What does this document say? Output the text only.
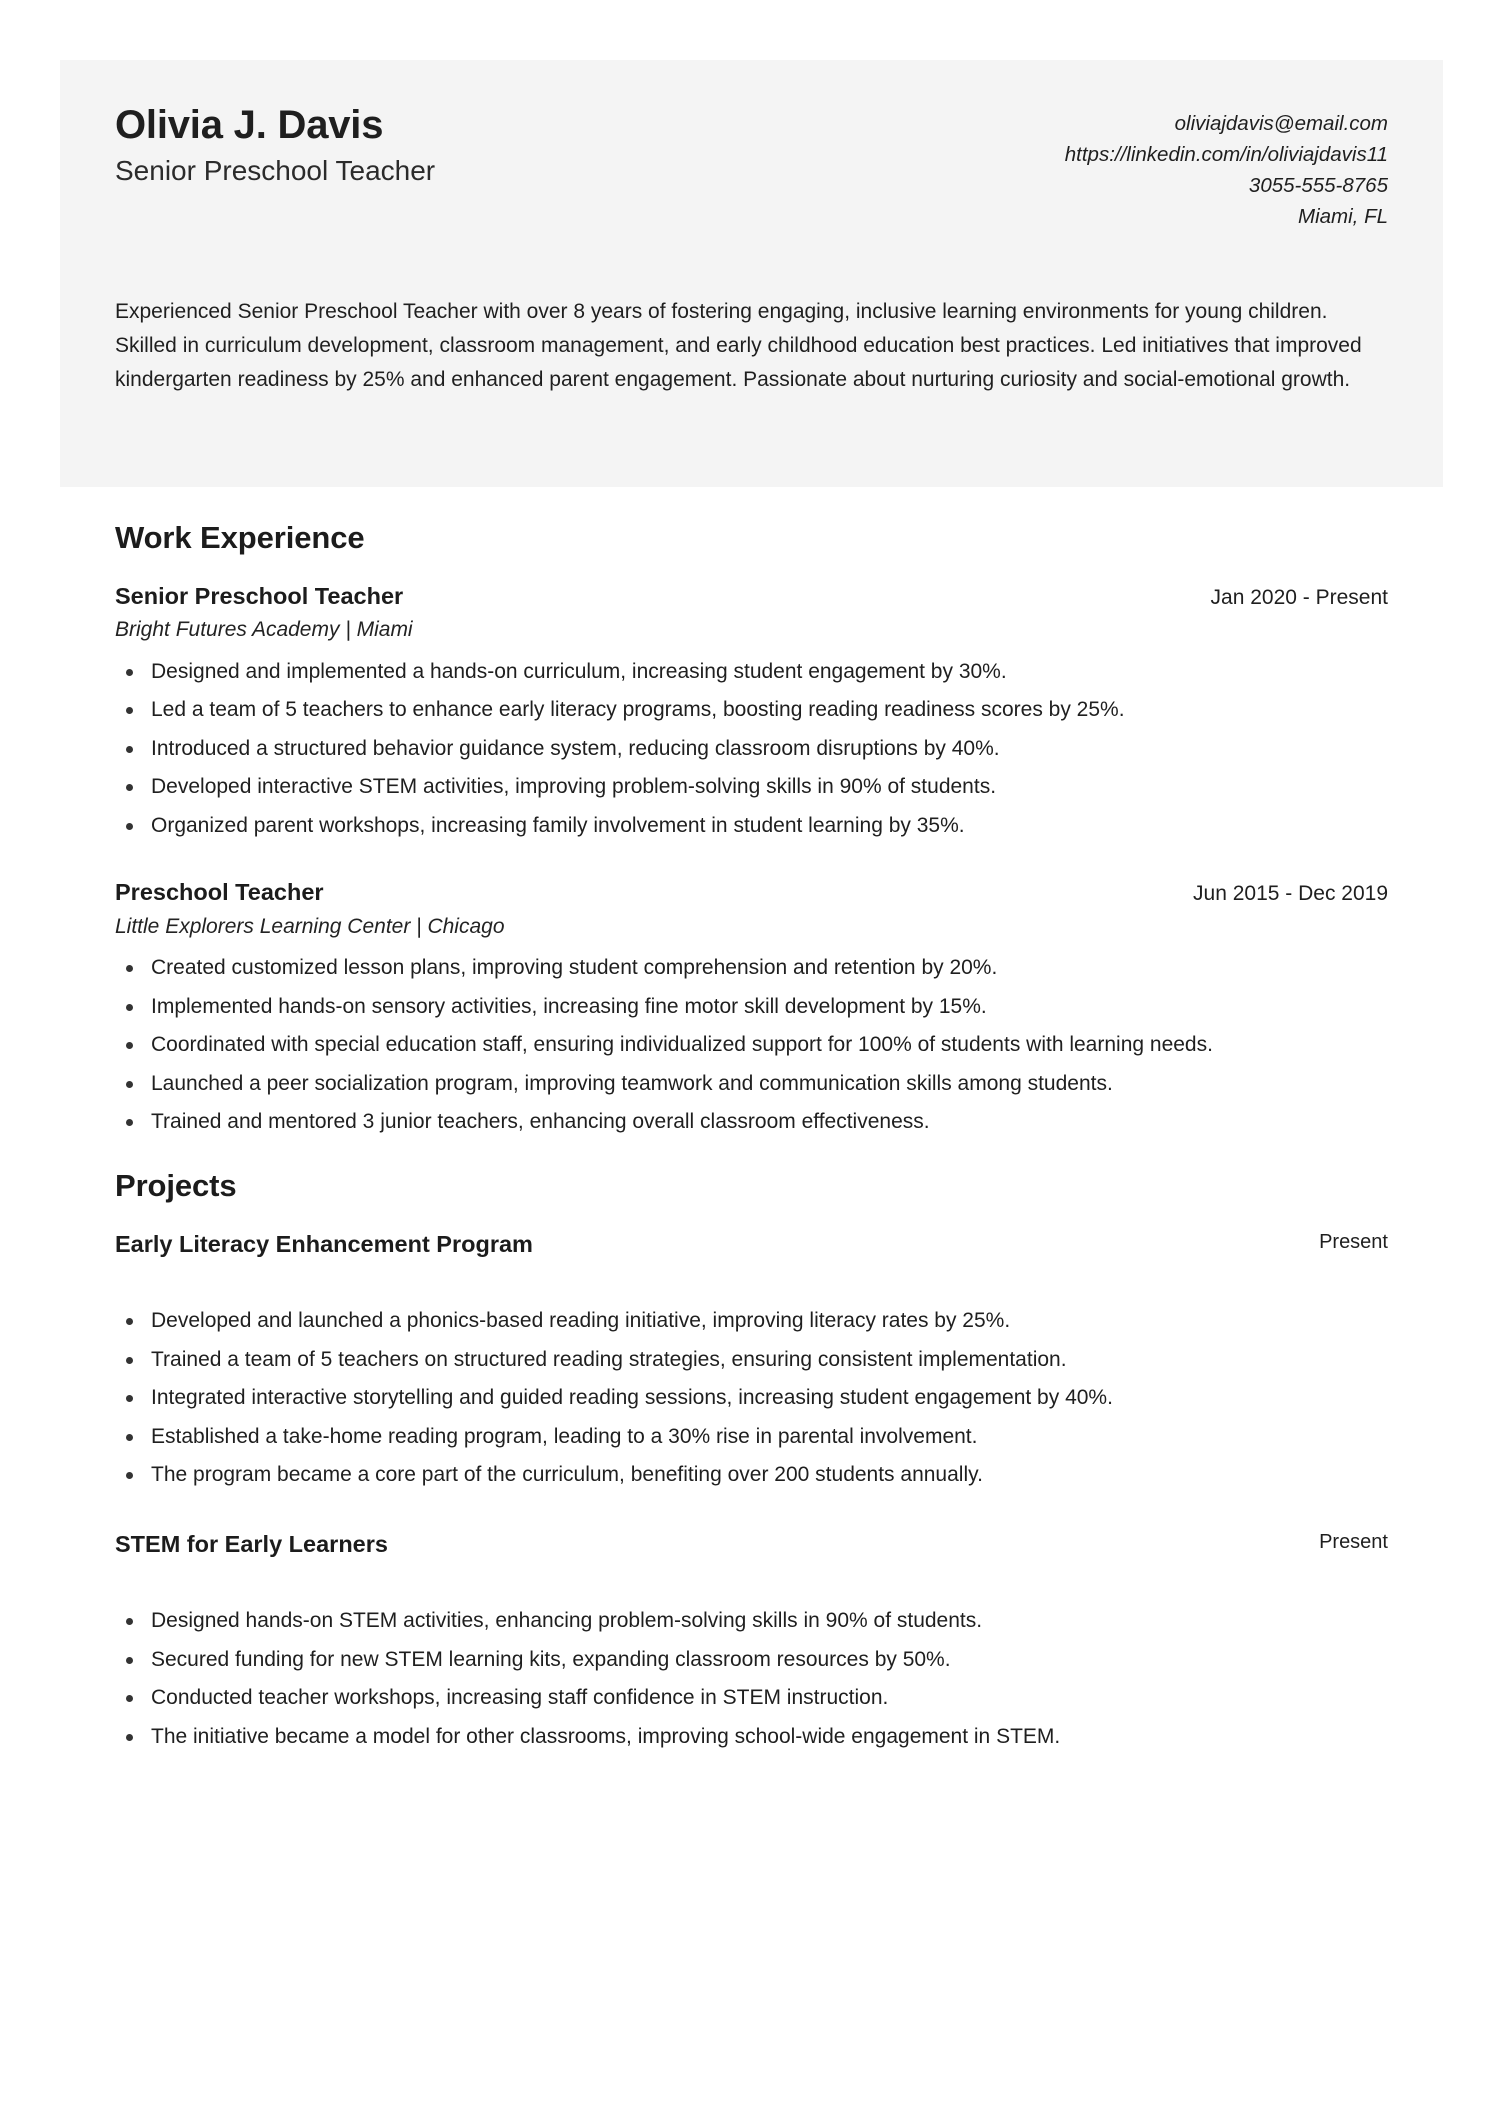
Olivia J. Davis
Senior Preschool Teacher
oliviajdavis@email.com
https://linkedin.com/in/oliviajdavis11
3055-555-8765
Miami, FL
Experienced Senior Preschool Teacher with over 8 years of fostering engaging, inclusive learning environments for young children. Skilled in curriculum development, classroom management, and early childhood education best practices. Led initiatives that improved kindergarten readiness by 25% and enhanced parent engagement. Passionate about nurturing curiosity and social-emotional growth.
Work Experience
Senior Preschool Teacher	Jan 2020 - Present
Bright Futures Academy | Miami
Designed and implemented a hands-on curriculum, increasing student engagement by 30%.
Led a team of 5 teachers to enhance early literacy programs, boosting reading readiness scores by 25%.
Introduced a structured behavior guidance system, reducing classroom disruptions by 40%.
Developed interactive STEM activities, improving problem-solving skills in 90% of students.
Organized parent workshops, increasing family involvement in student learning by 35%.
Preschool Teacher	Jun 2015 - Dec 2019
Little Explorers Learning Center | Chicago
Created customized lesson plans, improving student comprehension and retention by 20%.
Implemented hands-on sensory activities, increasing fine motor skill development by 15%.
Coordinated with special education staff, ensuring individualized support for 100% of students with learning needs.
Launched a peer socialization program, improving teamwork and communication skills among students.
Trained and mentored 3 junior teachers, enhancing overall classroom effectiveness.
Projects
Early Literacy Enhancement Program	Present
Developed and launched a phonics-based reading initiative, improving literacy rates by 25%.
Trained a team of 5 teachers on structured reading strategies, ensuring consistent implementation.
Integrated interactive storytelling and guided reading sessions, increasing student engagement by 40%.
Established a take-home reading program, leading to a 30% rise in parental involvement.
The program became a core part of the curriculum, benefiting over 200 students annually.
STEM for Early Learners	Present
Designed hands-on STEM activities, enhancing problem-solving skills in 90% of students.
Secured funding for new STEM learning kits, expanding classroom resources by 50%.
Conducted teacher workshops, increasing staff confidence in STEM instruction.
The initiative became a model for other classrooms, improving school-wide engagement in STEM.
